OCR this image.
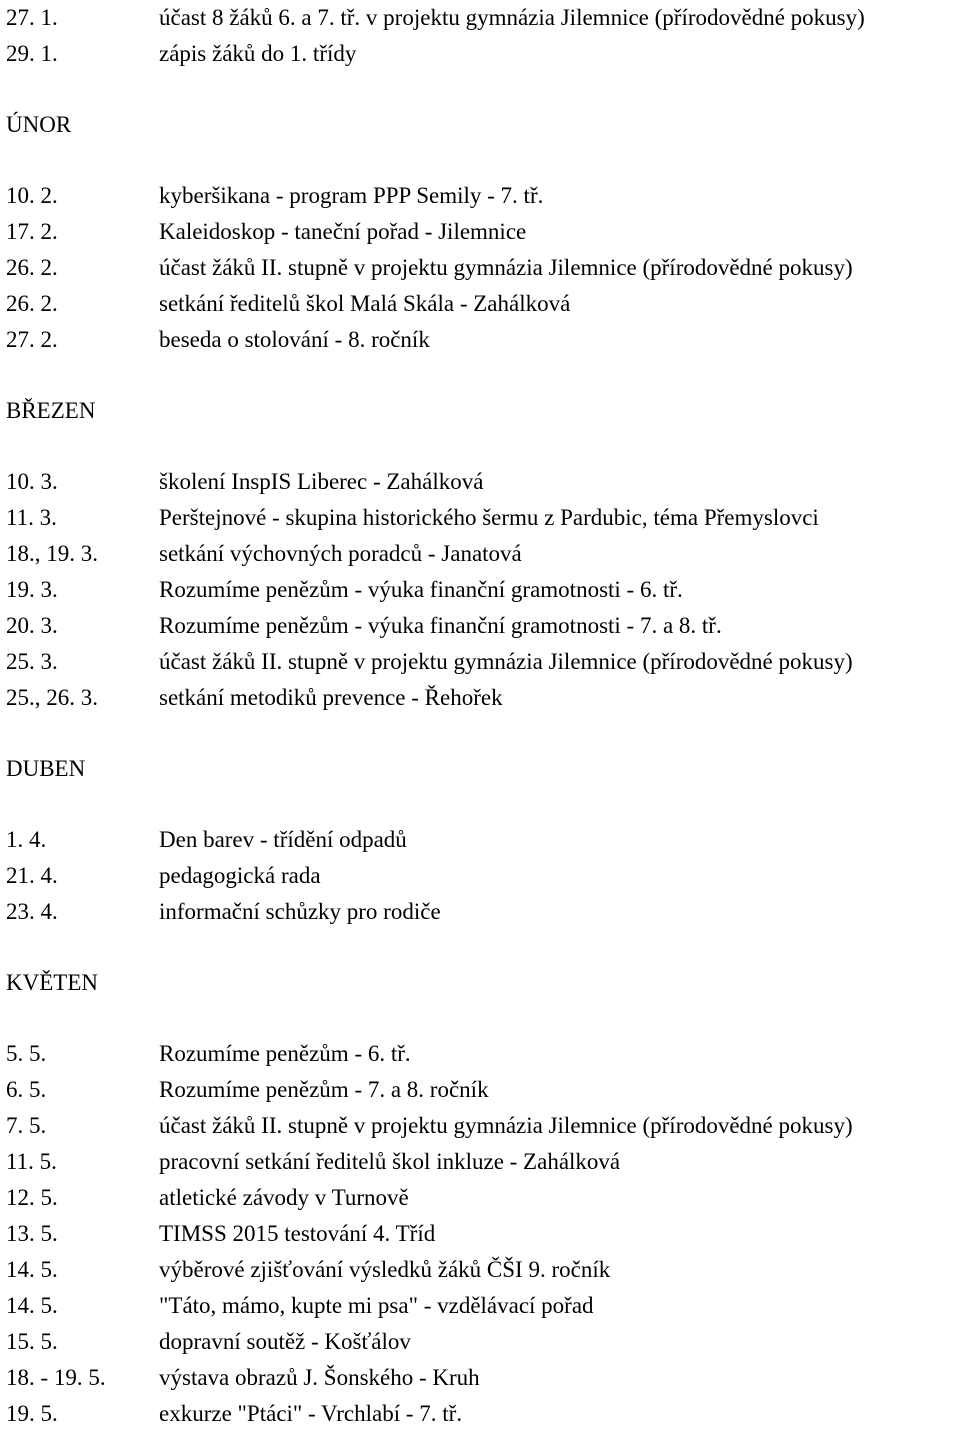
27. 1.	účast 8 žáků 6. a 7. tř. v projektu gymnázia Jilemnice (přírodovědné pokusy)
29. 1.	zápis žáků do 1. třídy
ÚNOR
10. 2.	kyberšikana - program PPP Semily - 7. tř.
17. 2.	Kaleidoskop - taneční pořad - Jilemnice
26. 2.	účast žáků II. stupně v projektu gymnázia Jilemnice (přírodovědné pokusy)
26. 2.	setkání ředitelů škol Malá Skála - Zahálková
27. 2.	beseda o stolování - 8. ročník
BŘEZEN
10. 3.	školení InspIS Liberec - Zahálková
11. 3.	Perštejnové - skupina historického šermu z Pardubic, téma Přemyslovci
18., 19. 3.	setkání výchovných poradců - Janatová
19. 3.	Rozumíme penězům - výuka finanční gramotnosti - 6. tř.
20. 3.	Rozumíme penězům - výuka finanční gramotnosti - 7. a 8. tř.
25. 3.	účast žáků II. stupně v projektu gymnázia Jilemnice (přírodovědné pokusy)
25., 26. 3.	setkání metodiků prevence - Řehořek
DUBEN
1. 4.	Den barev - třídění odpadů
21. 4.	pedagogická rada
23. 4.	informační schůzky pro rodiče
KVĚTEN
5. 5.	Rozumíme penězům - 6. tř.
6. 5.	Rozumíme penězům - 7. a 8. ročník
7. 5.	účast žáků II. stupně v projektu gymnázia Jilemnice (přírodovědné pokusy)
11. 5.	pracovní setkání ředitelů škol inkluze - Zahálková
12. 5.	atletické závody v Turnově
13. 5.	TIMSS 2015 testování 4. Tříd
14. 5.	výběrové zjišťování výsledků žáků ČŠI 9. ročník
14. 5.	"Táto, mámo, kupte mi psa" - vzdělávací pořad
15. 5.	dopravní soutěž - Košťálov
18. - 19. 5. výstava obrazů J. Šonského - Kruh
19. 5.	exkurze "Ptáci" - Vrchlabí - 7. tř.
